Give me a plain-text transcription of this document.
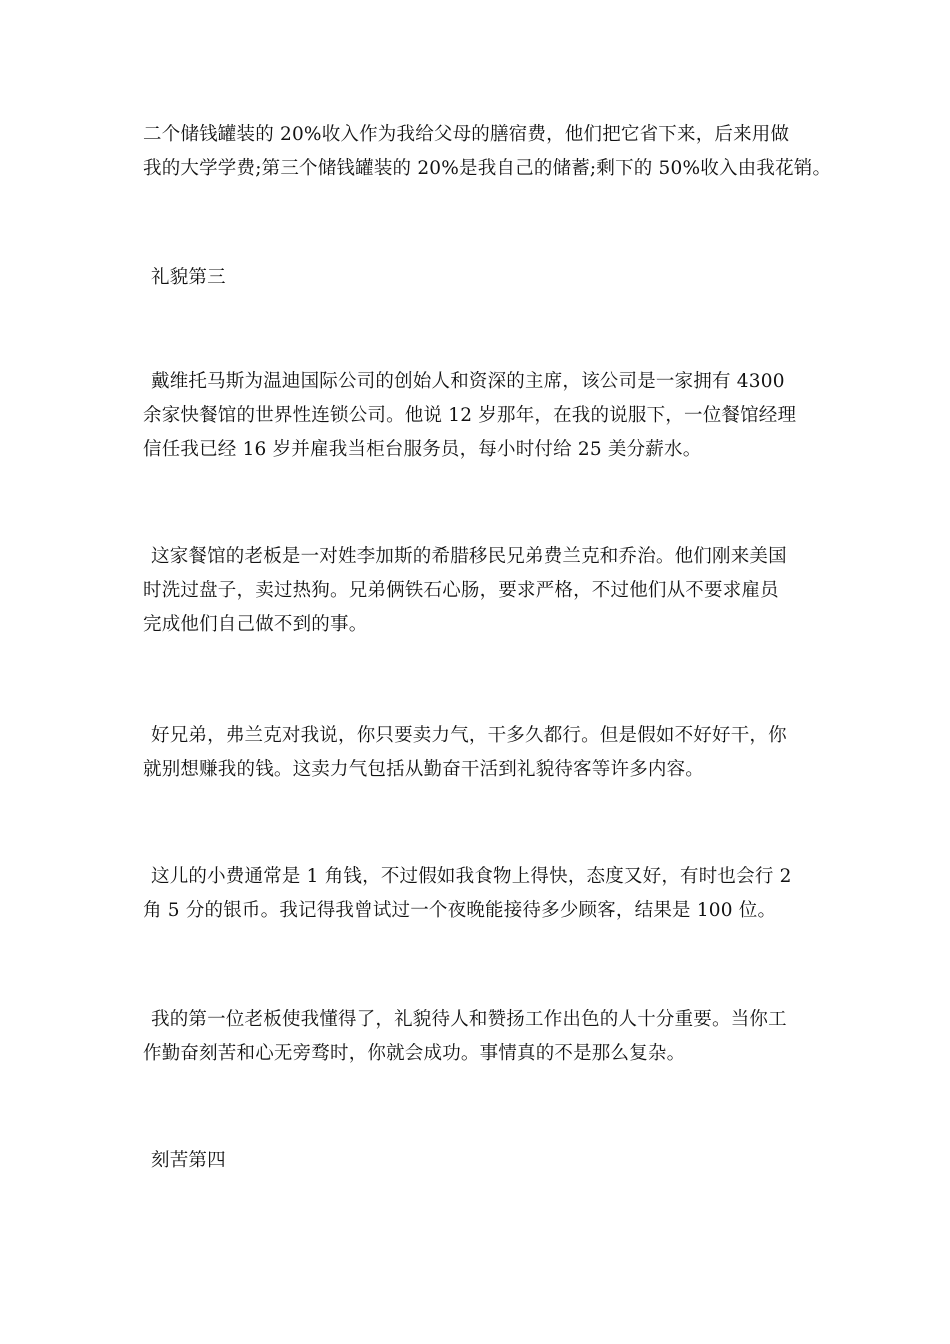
二个储钱罐装的 20%收入作为我给父母的膳宿费，他们把它省下来，后来用做
我的大学学费;第三个储钱罐装的 20%是我自己的储蓄;剩下的 50%收入由我花销。
礼貌第三
戴维托马斯为温迪国际公司的创始人和资深的主席，该公司是一家拥有 4300
余家快餐馆的世界性连锁公司。他说 12 岁那年，在我的说服下，一位餐馆经理
信任我已经 16 岁并雇我当柜台服务员，每小时付给 25 美分薪水。
这家餐馆的老板是一对姓李加斯的希腊移民兄弟费兰克和乔治。他们刚来美国
时洗过盘子，卖过热狗。兄弟俩铁石心肠，要求严格，不过他们从不要求雇员
完成他们自己做不到的事。
好兄弟，弗兰克对我说，你只要卖力气，干多久都行。但是假如不好好干，你
就别想赚我的钱。这卖力气包括从勤奋干活到礼貌待客等许多内容。
这儿的小费通常是 1 角钱，不过假如我食物上得快，态度又好，有时也会行 2
角 5 分的银币。我记得我曾试过一个夜晚能接待多少顾客，结果是 100 位。
我的第一位老板使我懂得了，礼貌待人和赞扬工作出色的人十分重要。当你工
作勤奋刻苦和心无旁骛时，你就会成功。事情真的不是那么复杂。
刻苦第四
